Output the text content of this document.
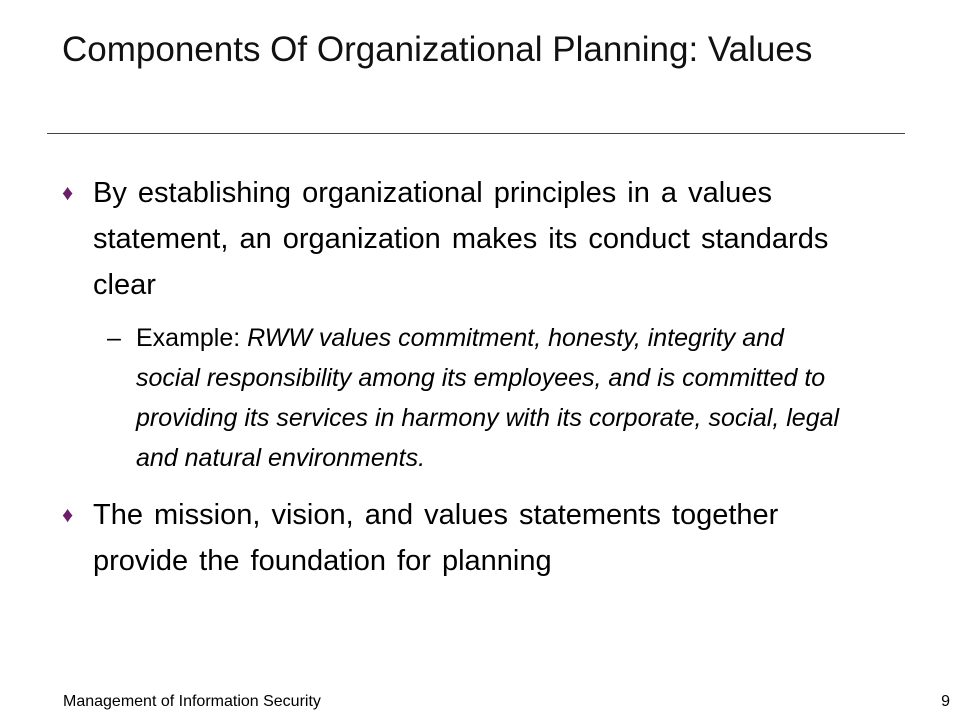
Components Of Organizational Planning: Values
♦ By establishing organizational principles in a values statement, an organization makes its conduct standards clear
– Example: RWW values commitment, honesty, integrity and social responsibility among its employees, and is committed to providing its services in harmony with its corporate, social, legal and natural environments.
♦ The mission, vision, and values statements together provide the foundation for planning
Management of Information Security	9
